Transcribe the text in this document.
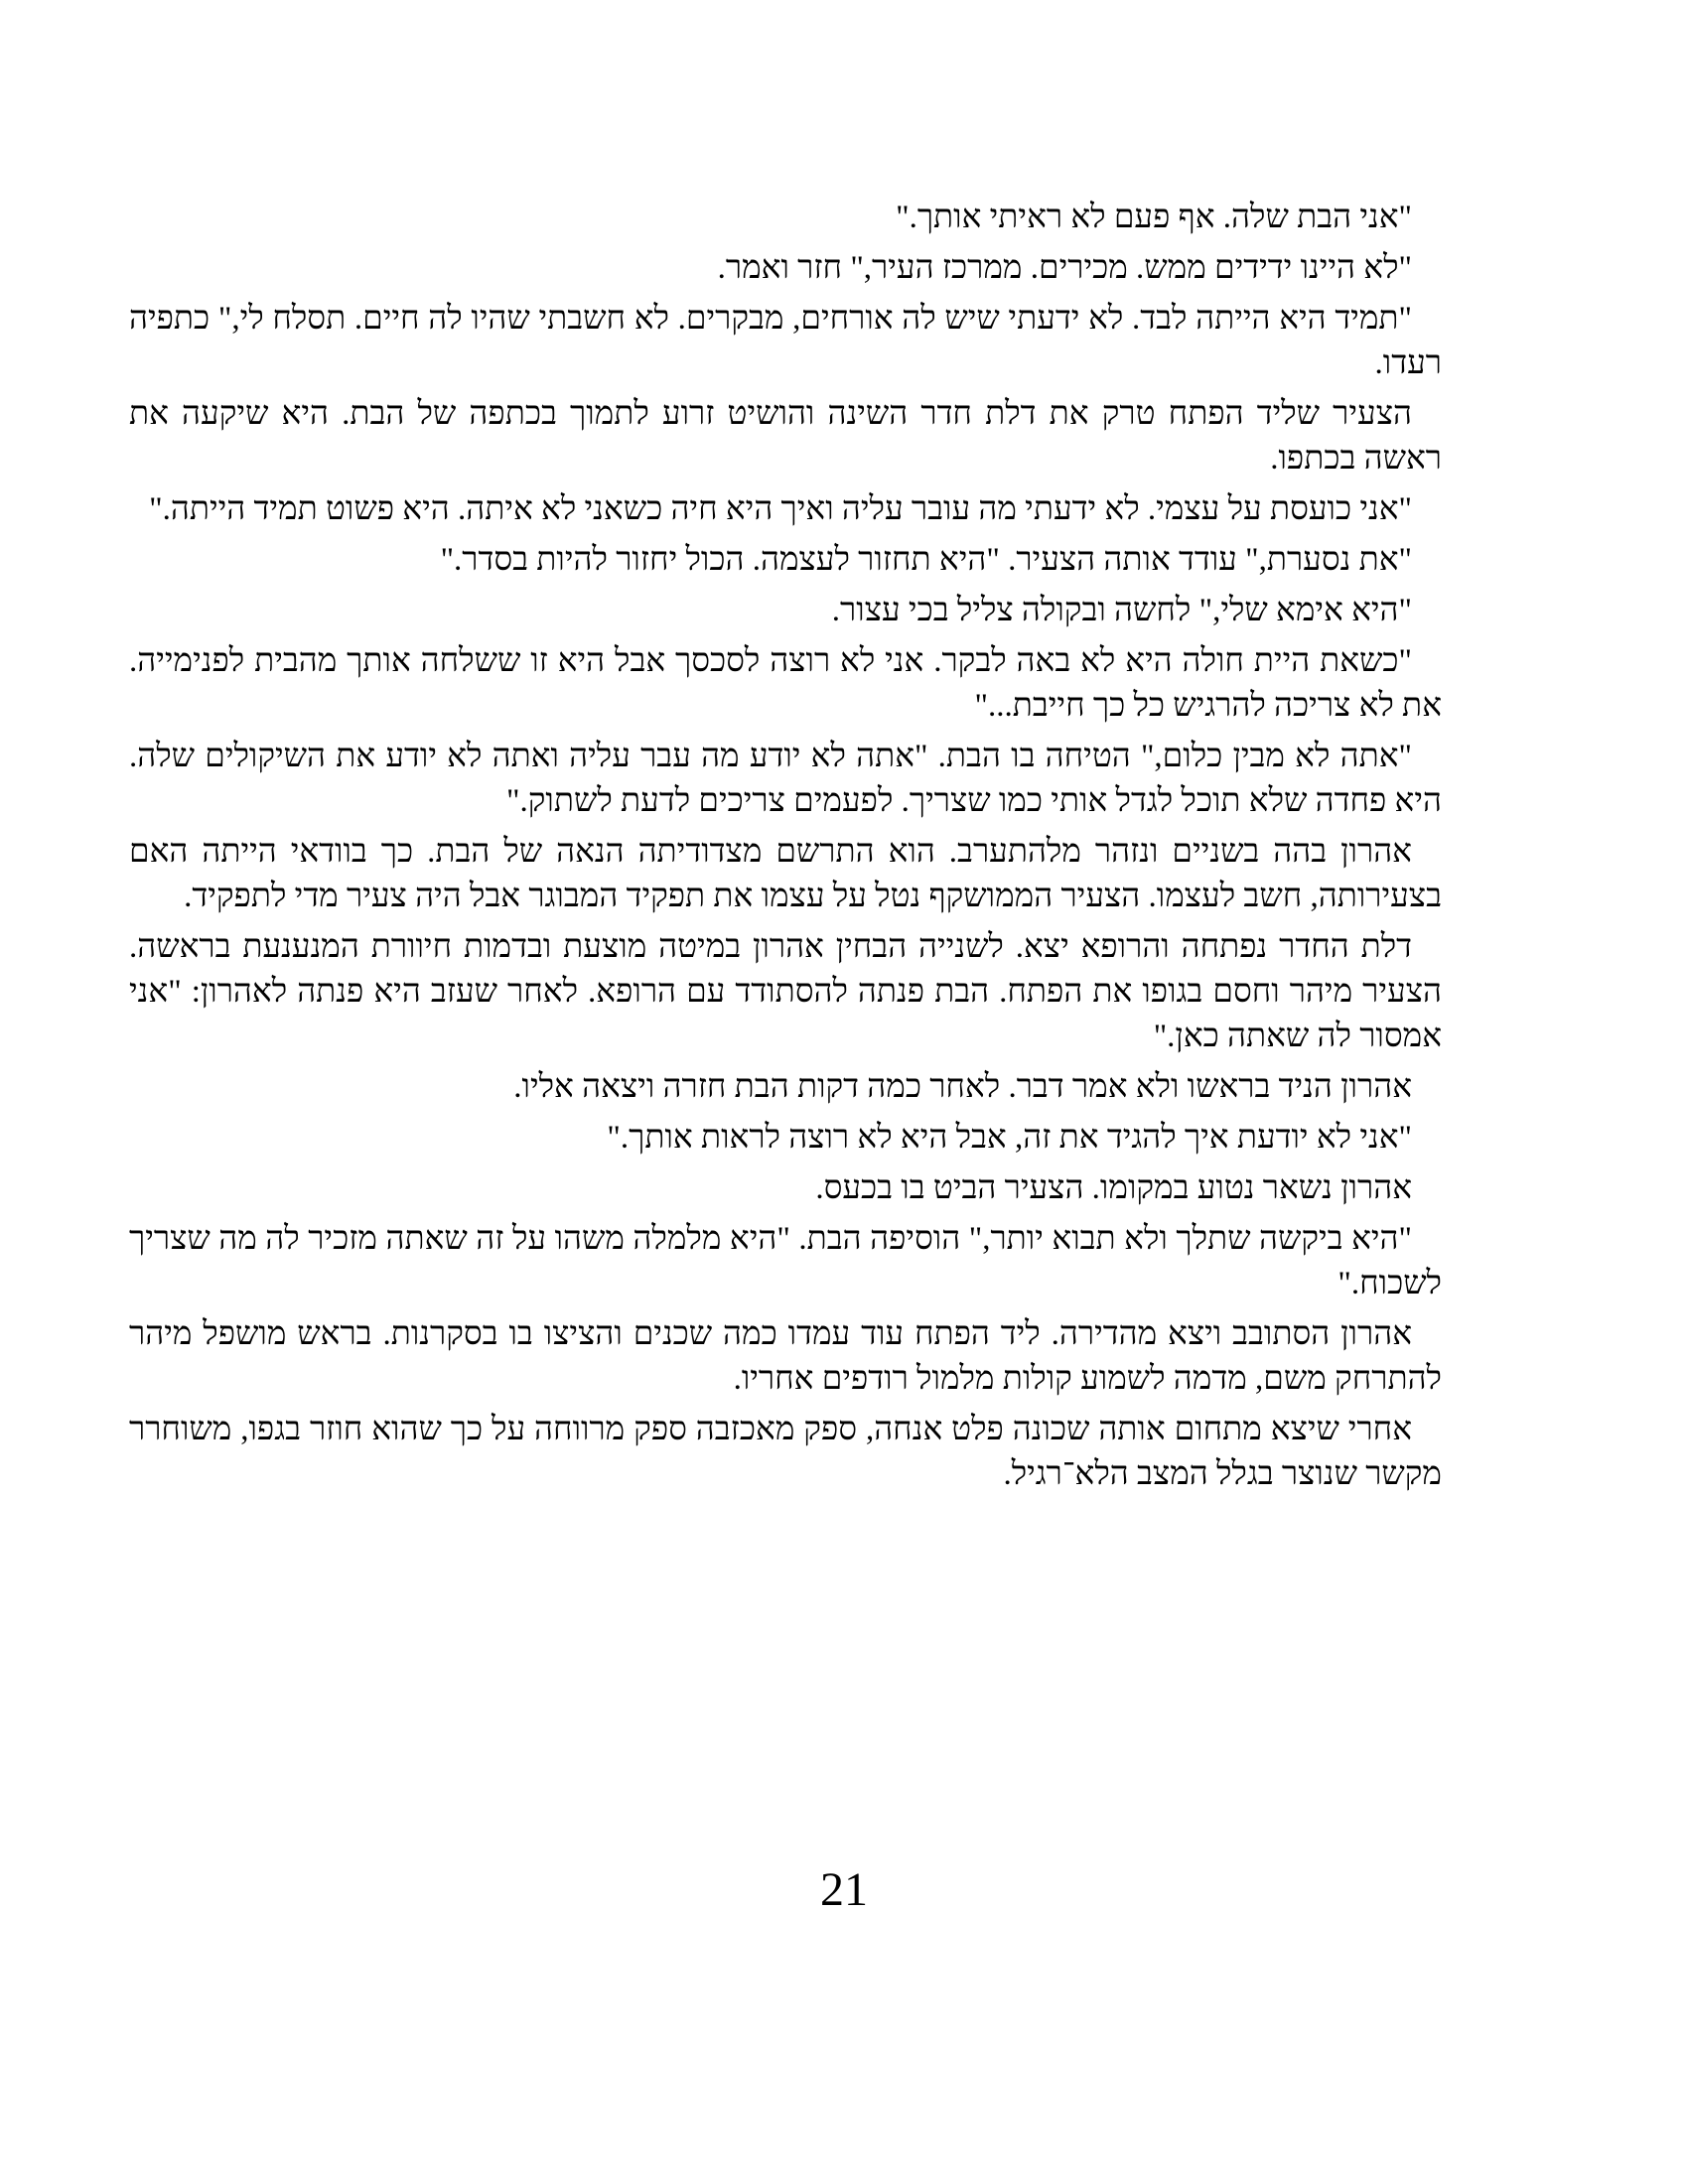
"אני הבת שלה. אף פעם לא ראיתי אותך."

"לא היינו ידידים ממש. מכירים. ממרכז העיר," חזר ואמר.

"תמיד היא הייתה לבד. לא ידעתי שיש לה אורחים, מבקרים. לא חשבתי שהיו לה חיים. תסלח לי," כתפיה רעדו.

הצעיר שליד הפתח טרק את דלת חדר השינה והושיט זרוע לתמוך בכתפה של הבת. היא שיקעה את ראשה בכתפו.

"אני כועסת על עצמי. לא ידעתי מה עובר עליה ואיך היא חיה כשאני לא איתה. היא פשוט תמיד הייתה."

"את נסערת," עודד אותה הצעיר. "היא תחזור לעצמה. הכול יחזור להיות בסדר."

"היא אימא שלי," לחשה ובקולה צליל בכי עצור.

"כשאת היית חולה היא לא באה לבקר. אני לא רוצה לסכסך אבל היא זו ששלחה אותך מהבית לפנימייה. את לא צריכה להרגיש כל כך חייבת..."

"אתה לא מבין כלום," הטיחה בו הבת. "אתה לא יודע מה עבר עליה ואתה לא יודע את השיקולים שלה. היא פחדה שלא תוכל לגדל אותי כמו שצריך. לפעמים צריכים לדעת לשתוק."

אהרון בהה בשניים ונזהר מלהתערב. הוא התרשם מצדודיתה הנאה של הבת. כך בוודאי הייתה האם בצעירותה, חשב לעצמו. הצעיר הממושקף נטל על עצמו את תפקיד המבוגר אבל היה צעיר מדי לתפקיד.

דלת החדר נפתחה והרופא יצא. לשנייה הבחין אהרון במיטה מוצעת ובדמות חיוורת המנענעת בראשה. הצעיר מיהר וחסם בגופו את הפתח. הבת פנתה להסתודד עם הרופא. לאחר שעזב היא פנתה לאהרון: "אני אמסור לה שאתה כאן."

אהרון הניד בראשו ולא אמר דבר. לאחר כמה דקות הבת חזרה ויצאה אליו.

"אני לא יודעת איך להגיד את זה, אבל היא לא רוצה לראות אותך."

אהרון נשאר נטוע במקומו. הצעיר הביט בו בכעס.

"היא ביקשה שתלך ולא תבוא יותר," הוסיפה הבת. "היא מלמלה משהו על זה שאתה מזכיר לה מה שצריך לשכוח."

אהרון הסתובב ויצא מהדירה. ליד הפתח עוד עמדו כמה שכנים והציצו בו בסקרנות. בראש מושפל מיהר להתרחק משם, מדמה לשמוע קולות מלמול רודפים אחריו.

אחרי שיצא מתחום אותה שכונה פלט אנחה, ספק מאכזבה ספק מרווחה על כך שהוא חוזר בגפו, משוחרר מקשר שנוצר בגלל המצב הלא־רגיל.

21
